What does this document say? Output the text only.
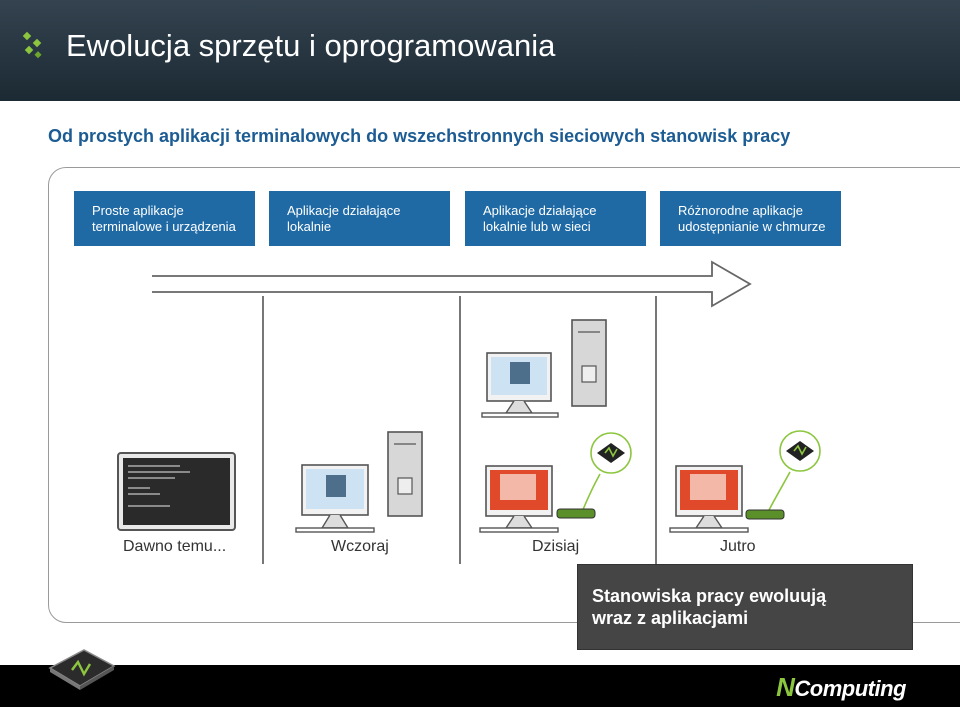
Ewolucja sprzętu i oprogramowania
Od prostych aplikacji terminalowych do wszechstronnych sieciowych stanowisk pracy
Proste aplikacje
terminalowe i urządzenia
Aplikacje działające
lokalnie
Aplikacje działające
lokalnie lub w sieci
Różnorodne aplikacje
udostępnianie w chmurze
Dawno temu...	Wczoraj	Dzisiaj	Jutro
Stanowiska pracy ewoluują
wraz z aplikacjami
NComputing
